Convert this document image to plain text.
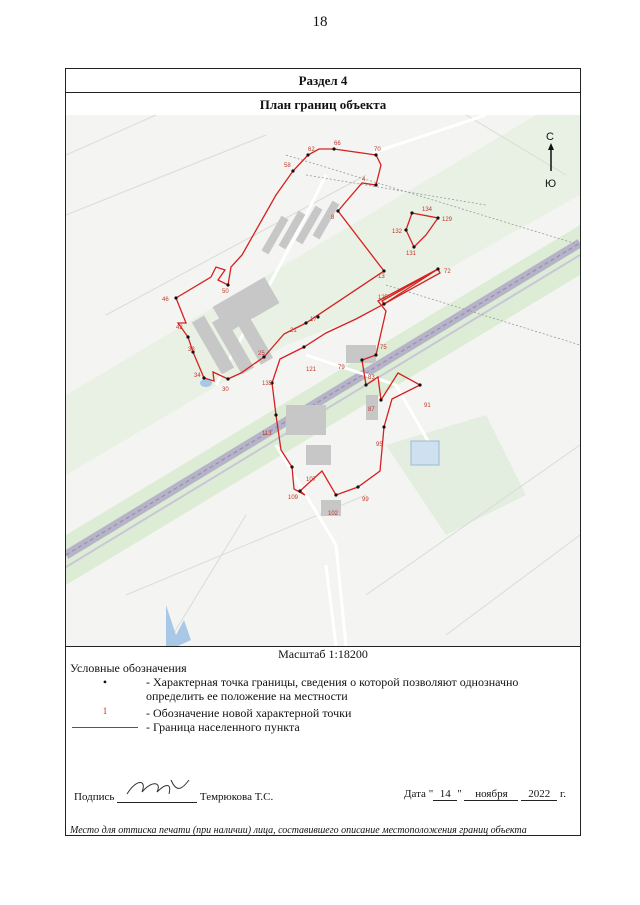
18
Раздел 4
План границ объекта
62
66
70
58
4
8
132
134
129
131
13
72
50
46	125
17
21
42
38	75
25
121	79
34
30
135
83
87
91
113
95
107
109	99
102
С
Ю
Масштаб 1:18200
Условные обозначения
•	- Характерная точка границы, сведения о которой позволяют однозначно определить ее положение на местности
1	- Обозначение новой характерной точки
- Граница населенного пункта
Подпись	Темрюкова Т.С.	Дата " 14 " ноября 2022 г.
Место для оттиска печати (при наличии) лица, составившего описание местоположения границ объекта
